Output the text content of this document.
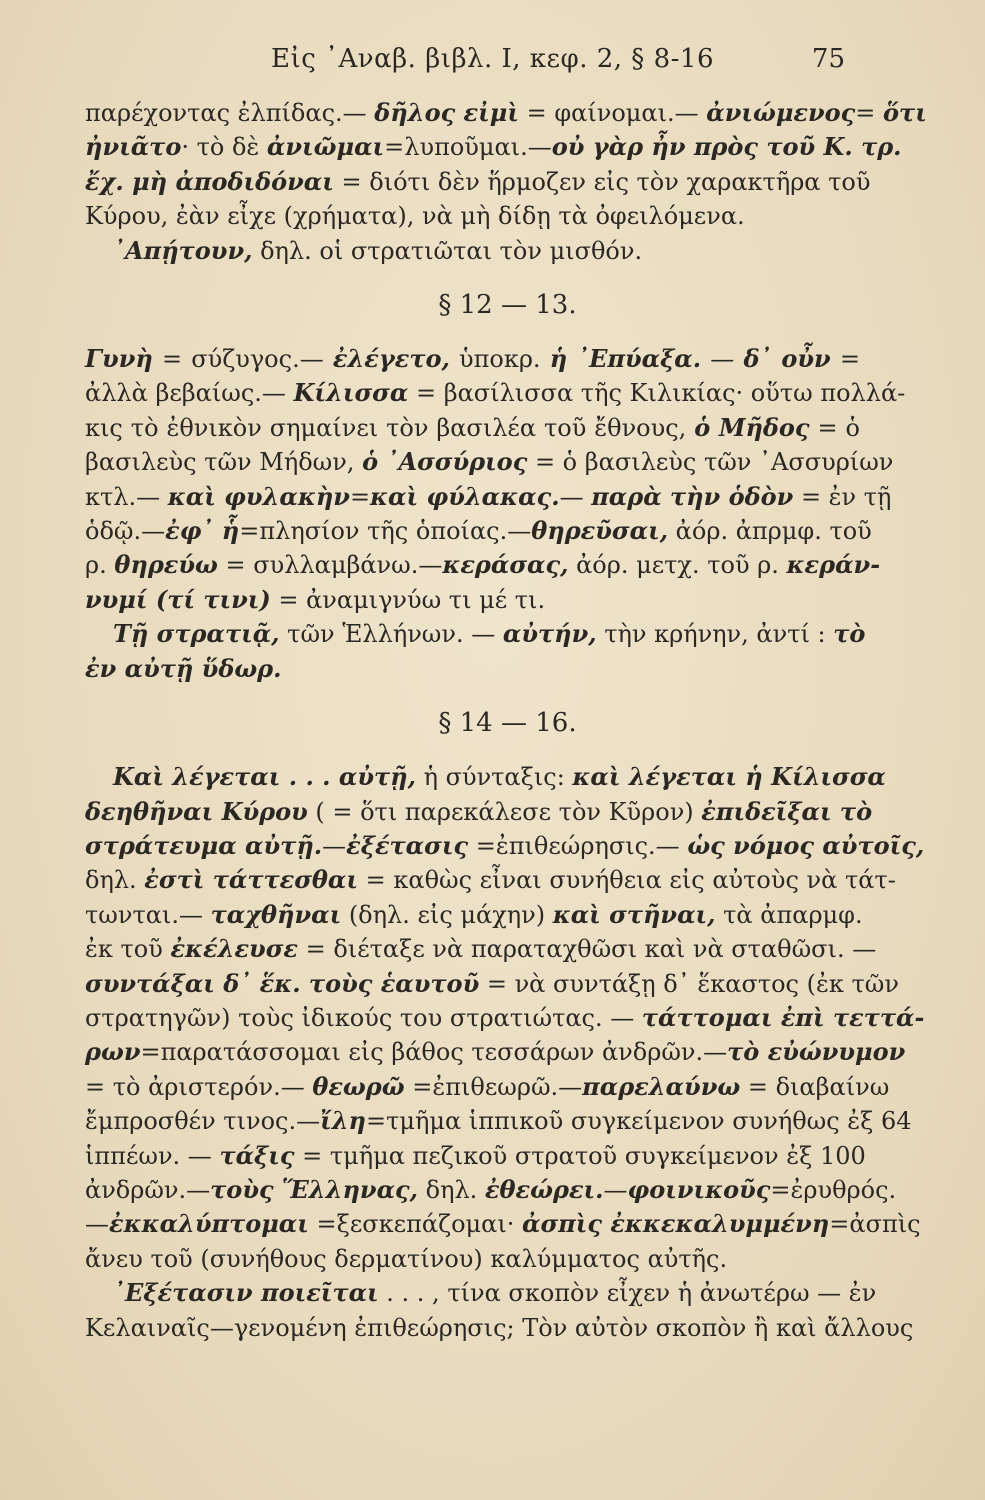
Εἰς ᾿Αναβ. βιβλ. Ι, κεφ. 2, § 8-16	75
παρέχοντας ἐλπίδας.— δῆλος εἰμὶ = φαίνομαι.— ἀνιώμενος= ὅτι
ἠνιᾶτο· τὸ δὲ ἀνιῶμαι=λυποῦμαι.—οὐ γὰρ ἦν πρὸς τοῦ Κ. τρ.
ἔχ. μὴ ἀποδιδόναι = διότι δὲν ἥρμοζεν εἰς τὸν χαρακτῆρα τοῦ
Κύρου, ἐὰν εἶχε (χρήματα), νὰ μὴ δίδῃ τὰ ὀφειλόμενα.
᾿Απῄτουν, δηλ. οἱ στρατιῶται τὸν μισθόν.
§ 12 — 13.
Γυνὴ = σύζυγος.— ἐλέγετο, ὑποκρ. ἡ ᾿Επύαξα. — δ᾿ οὖν =
ἀλλὰ βεβαίως.— Κίλισσα = βασίλισσα τῆς Κιλικίας· οὕτω πολλά-
κις τὸ ἐθνικὸν σημαίνει τὸν βασιλέα τοῦ ἔθνους, ὁ Μῆδος = ὁ
βασιλεὺς τῶν Μήδων, ὁ ᾿Ασσύριος = ὁ βασιλεὺς τῶν ᾿Ασσυρίων
κτλ.— καὶ φυλακὴν=καὶ φύλακας.— παρὰ τὴν ὁδὸν = ἐν τῇ
ὁδῷ.—ἐφ᾿ ἧ=πλησίον τῆς ὁποίας.—θηρεῦσαι, ἀόρ. ἀπρμφ. τοῦ
ρ. θηρεύω = συλλαμβάνω.—κεράσας, ἀόρ. μετχ. τοῦ ρ. κεράν-
νυμί (τί τινι) = ἀναμιγνύω τι μέ τι.
Τῇ στρατιᾷ, τῶν Ἑλλήνων. — αὐτήν, τὴν κρήνην, ἀντί : τὸ
ἐν αὐτῇ ὕδωρ.
§ 14 — 16.
Καὶ λέγεται . . . αὐτῇ, ἡ σύνταξις: καὶ λέγεται ἡ Κίλισσα
δεηθῆναι Κύρου ( = ὅτι παρεκάλεσε τὸν Κῦρον) ἐπιδεῖξαι τὸ
στράτευμα αὐτῇ.—ἐξέτασις =ἐπιθεώρησις.— ὡς νόμος αὐτοῖς,
δηλ. ἐστὶ τάττεσθαι = καθὼς εἶναι συνήθεια εἰς αὐτοὺς νὰ τάτ-
τωνται.— ταχθῆναι (δηλ. εἰς μάχην) καὶ στῆναι, τὰ ἀπαρμφ.
ἐκ τοῦ ἐκέλευσε = διέταξε νὰ παραταχθῶσι καὶ νὰ σταθῶσι. —
συντάξαι δ᾿ ἕκ. τοὺς ἑαυτοῦ = νὰ συντάξῃ δ᾿ ἕκαστος (ἐκ τῶν
στρατηγῶν) τοὺς ἰδικούς του στρατιώτας. — τάττομαι ἐπὶ τεττά-
ρων=παρατάσσομαι εἰς βάθος τεσσάρων ἀνδρῶν.—τὸ εὐώνυμον
= τὸ ἀριστερόν.— θεωρῶ =ἐπιθεωρῶ.—παρελαύνω = διαβαίνω
ἔμπροσθέν τινος.—ἴλη=τμῆμα ἱππικοῦ συγκείμενον συνήθως ἐξ 64
ἱππέων. — τάξις = τμῆμα πεζικοῦ στρατοῦ συγκείμενον ἐξ 100
ἀνδρῶν.—τοὺς Ἕλληνας, δηλ. ἐθεώρει.—φοινικοῦς=ἐρυθρός.
—ἐκκαλύπτομαι =ξεσκεπάζομαι· ἀσπὶς ἐκκεκαλυμμένη=ἀσπὶς
ἄνευ τοῦ (συνήθους δερματίνου) καλύμματος αὐτῆς.
᾿Εξέτασιν ποιεῖται . . . , τίνα σκοπὸν εἶχεν ἡ ἀνωτέρω — ἐν
Κελαιναῖς—γενομένη ἐπιθεώρησις; Τὸν αὐτὸν σκοπὸν ἢ καὶ ἄλλους
